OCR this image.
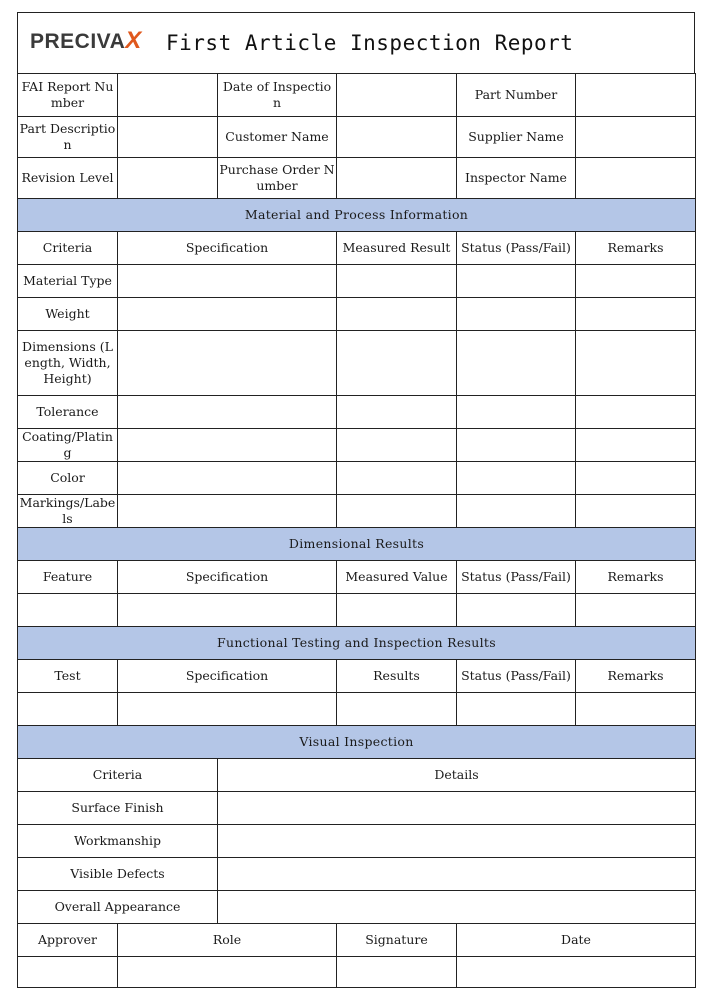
PRECIVAX First Article Inspection Report
FAI Report Number		Date of Inspection		Part Number	
Part Description		Customer Name		Supplier Name	
Revision Level		Purchase Order Number		Inspector Name	
Material and Process Information					
Criteria	Specification		Measured Result	Status (Pass/Fail)	Remarks
Material Type					
Weight					
Dimensions (Length, Width, Height)					
Tolerance					
Coating/Plating					
Color					
Markings/Labels					
Dimensional Results					
Feature	Specification		Measured Value	Status (Pass/Fail)	Remarks

Functional Testing and Inspection Results					
Test	Specification		Results	Status (Pass/Fail)	Remarks

Visual Inspection					
Criteria		Details			
Surface Finish					
Workmanship					
Visible Defects					
Overall Appearance					
Approver	Role		Signature	Date	
